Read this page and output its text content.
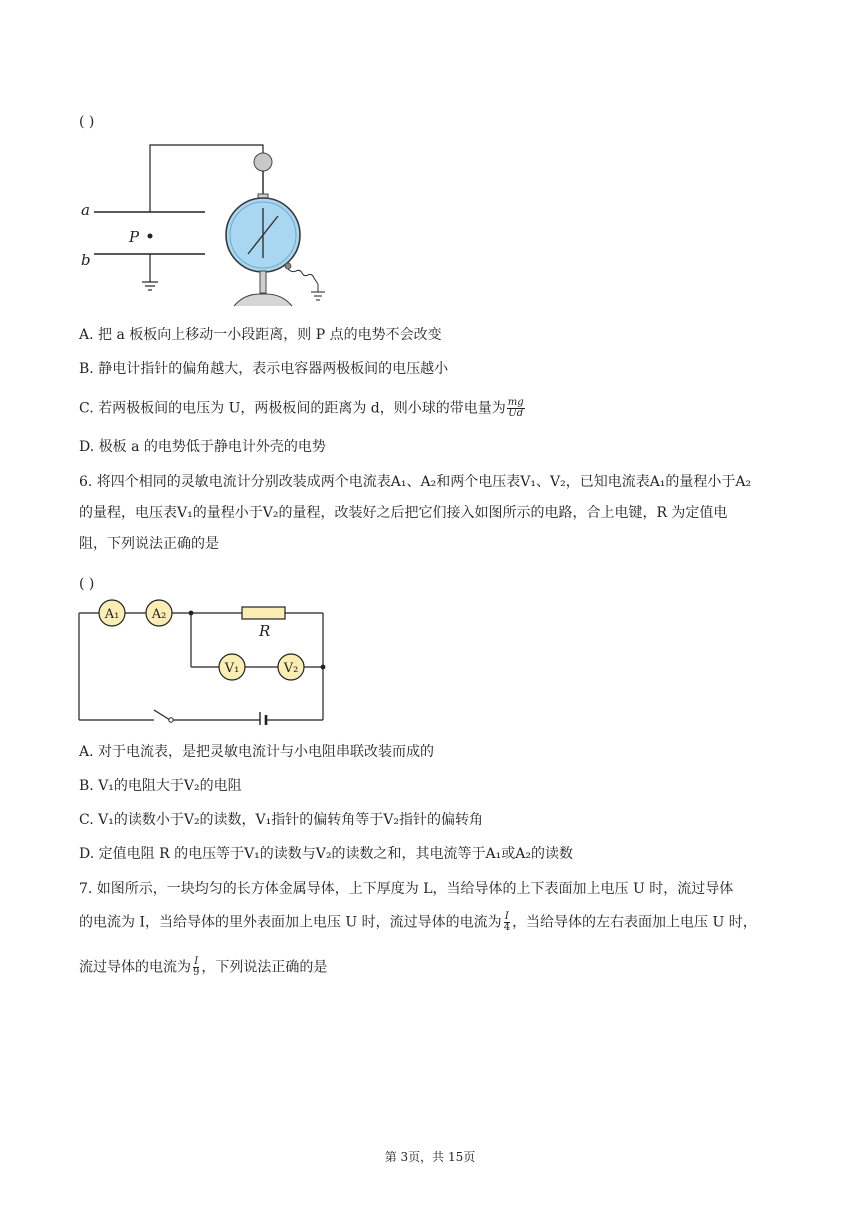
( )
a
b
P
A. 把 a 板板向上移动一小段距离，则 P 点的电势不会改变
B. 静电计指针的偏角越大，表示电容器两极板间的电压越小
C. 若两极板间的电压为 U，两极板间的距离为 d，则小球的带电量为 $\frac{mg}{Ud}$
D. 极板 a 的电势低于静电计外壳的电势
6. 将四个相同的灵敏电流计分别改装成两个电流表A₁、A₂和两个电压表V₁、V₂，已知电流表A₁的量程小于A₂
的量程，电压表V₁的量程小于V₂的量程，改装好之后把它们接入如图所示的电路，合上电键，R 为定值电
阻，下列说法正确的是
( )
R
A₁ A₂
V₁	V₂
A. 对于电流表，是把灵敏电流计与小电阻串联改装而成的
B. V₁的电阻大于V₂的电阻
C. V₁的读数小于V₂的读数，V₁指针的偏转角等于V₂指针的偏转角
D. 定值电阻 R 的电压等于V₁的读数与V₂的读数之和，其电流等于A₁或A₂的读数
7. 如图所示，一块均匀的长方体金属导体，上下厚度为 L，当给导体的上下表面加上电压 U 时，流过导体
的电流为 I，当给导体的里外表面加上电压 U 时，流过导体的电流为 $\frac{I}{4}$ ，当给导体的左右表面加上电压 U 时，
流过导体的电流为 $\frac{I}{9}$ ，下列说法正确的是
第 3页，共 15页
